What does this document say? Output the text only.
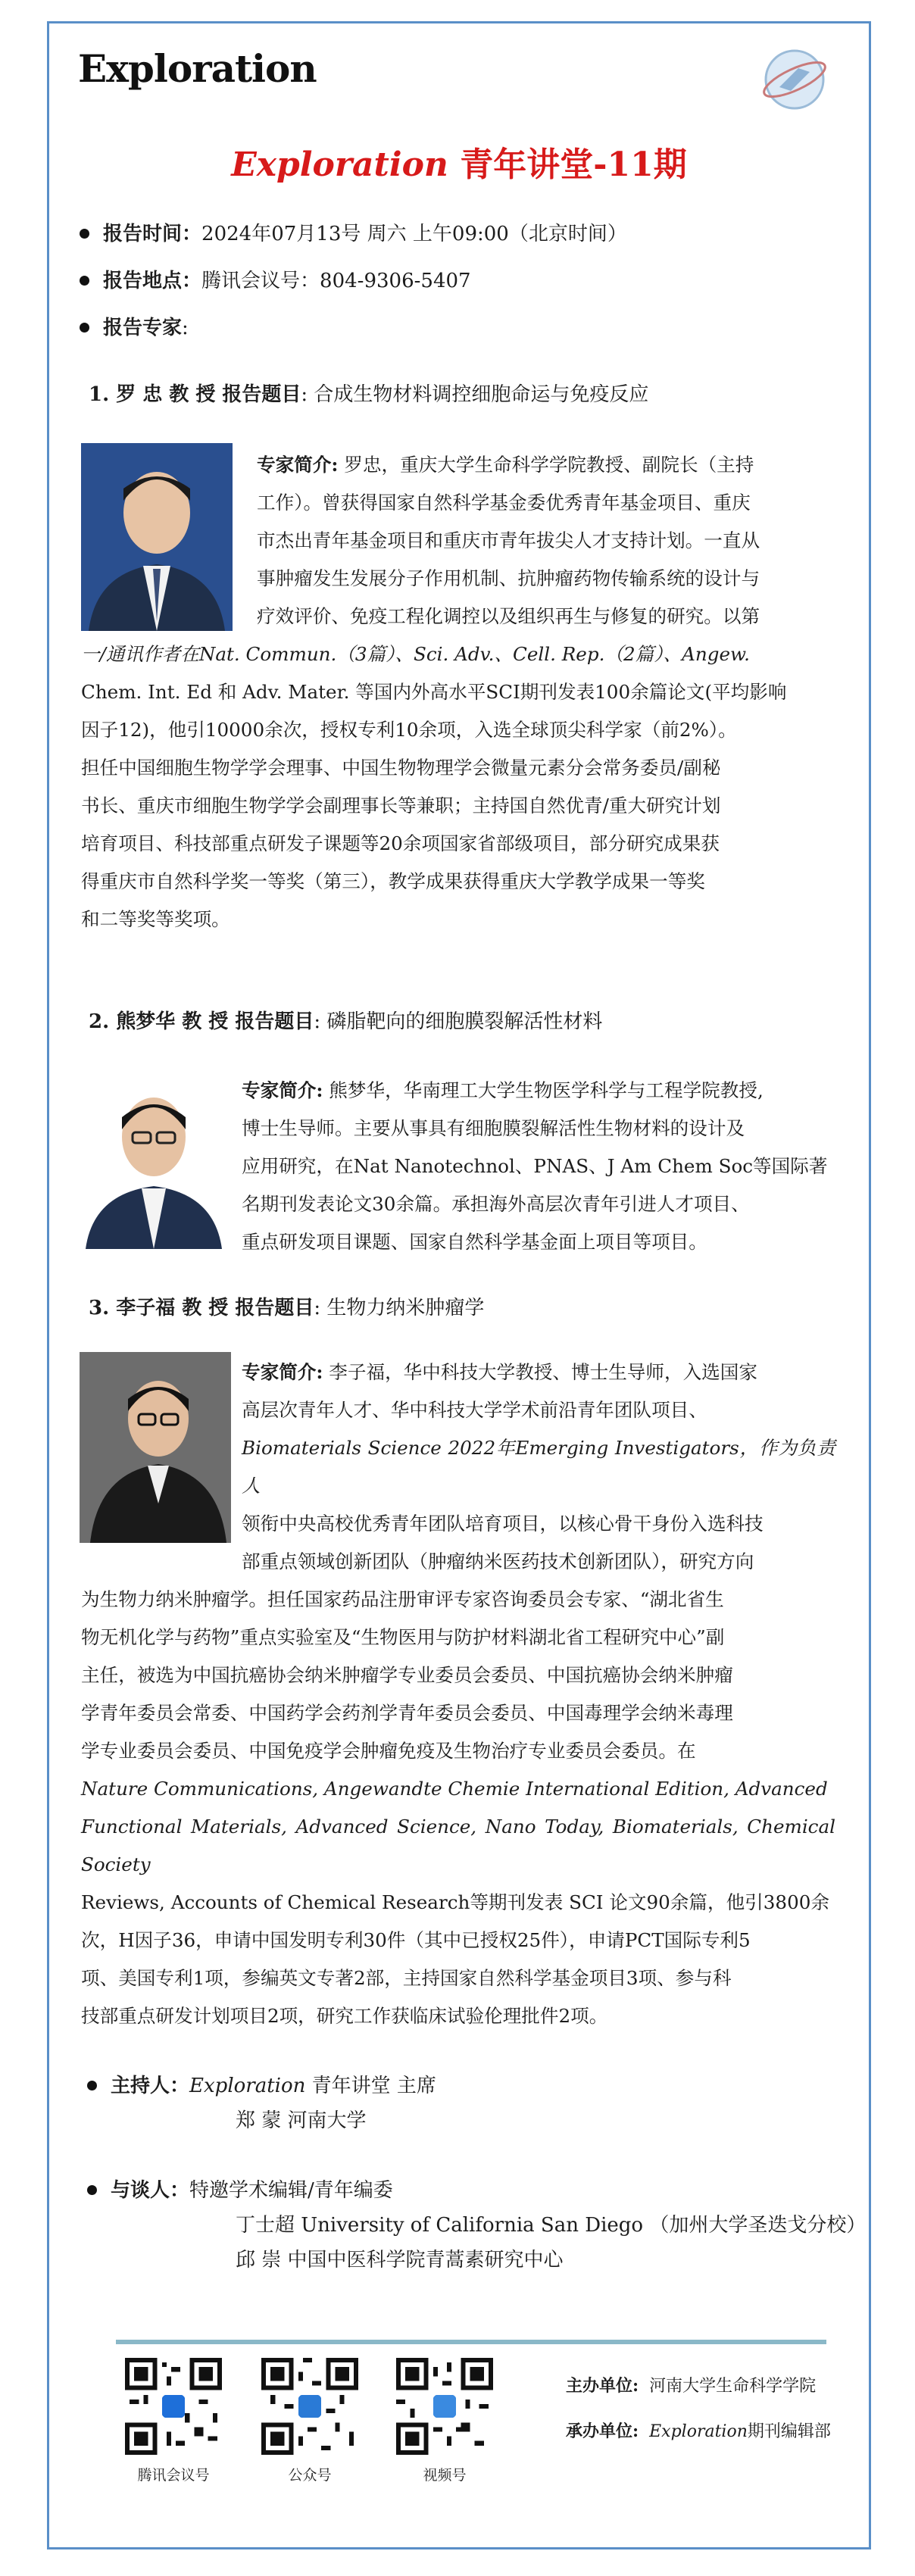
Exploration
Exploration 青年讲堂-11期
报告时间：2024年07月13号 周六 上午09:00（北京时间）
报告地点：腾讯会议号：804-9306-5407
报告专家:
1. 罗 忠 教 授 报告题目: 合成生物材料调控细胞命运与免疫反应
专家简介: 罗忠，重庆大学生命科学学院教授、副院长（主持
工作）。曾获得国家自然科学基金委优秀青年基金项目、重庆
市杰出青年基金项目和重庆市青年拔尖人才支持计划。一直从
事肿瘤发生发展分子作用机制、抗肿瘤药物传输系统的设计与
疗效评价、免疫工程化调控以及组织再生与修复的研究。以第
一/通讯作者在Nat. Commun.（3篇）、Sci. Adv.、Cell. Rep.（2篇）、Angew.
Chem. Int. Ed 和 Adv. Mater. 等国内外高水平SCI期刊发表100余篇论文(平均影响
因子12)，他引10000余次，授权专利10余项，入选全球顶尖科学家（前2%）。
担任中国细胞生物学学会理事、中国生物物理学会微量元素分会常务委员/副秘
书长、重庆市细胞生物学学会副理事长等兼职；主持国自然优青/重大研究计划
培育项目、科技部重点研发子课题等20余项国家省部级项目，部分研究成果获
得重庆市自然科学奖一等奖（第三），教学成果获得重庆大学教学成果一等奖
和二等奖等奖项。
2. 熊梦华 教 授 报告题目: 磷脂靶向的细胞膜裂解活性材料
专家简介: 熊梦华，华南理工大学生物医学科学与工程学院教授,
博士生导师。主要从事具有细胞膜裂解活性生物材料的设计及
应用研究，在Nat Nanotechnol、PNAS、J Am Chem Soc等国际著
名期刊发表论文30余篇。承担海外高层次青年引进人才项目、
重点研发项目课题、国家自然科学基金面上项目等项目。
3. 李子福 教 授 报告题目: 生物力纳米肿瘤学
专家简介: 李子福，华中科技大学教授、博士生导师，入选国家
高层次青年人才、华中科技大学学术前沿青年团队项目、
Biomaterials Science 2022年Emerging Investigators，作为负责人
领衔中央高校优秀青年团队培育项目，以核心骨干身份入选科技
部重点领域创新团队（肿瘤纳米医药技术创新团队），研究方向
为生物力纳米肿瘤学。担任国家药品注册审评专家咨询委员会专家、“湖北省生
物无机化学与药物”重点实验室及“生物医用与防护材料湖北省工程研究中心”副
主任，被选为中国抗癌协会纳米肿瘤学专业委员会委员、中国抗癌协会纳米肿瘤
学青年委员会常委、中国药学会药剂学青年委员会委员、中国毒理学会纳米毒理
学专业委员会委员、中国免疫学会肿瘤免疫及生物治疗专业委员会委员。在
Nature Communications, Angewandte Chemie International Edition, Advanced
Functional Materials, Advanced Science, Nano Today, Biomaterials, Chemical Society
Reviews, Accounts of Chemical Research等期刊发表 SCI 论文90余篇，他引3800余
次，H因子36，申请中国发明专利30件（其中已授权25件），申请PCT国际专利5
项、美国专利1项，参编英文专著2部，主持国家自然科学基金项目3项、参与科
技部重点研发计划项目2项，研究工作获临床试验伦理批件2项。
主持人：Exploration 青年讲堂 主席
郑 蒙 河南大学
与谈人：特邀学术编辑/青年编委
丁士超 University of California San Diego （加州大学圣迭戈分校）
邱 崇 中国中医科学院青蒿素研究中心
腾讯会议号	公众号	视频号
主办单位: 河南大学生命科学学院
承办单位: Exploration期刊编辑部
